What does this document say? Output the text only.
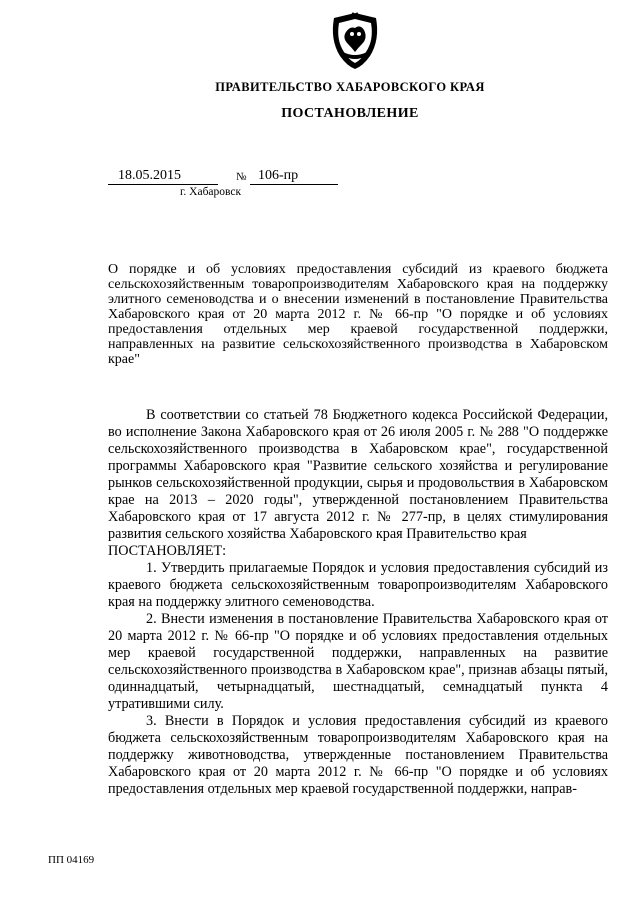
ПРАВИТЕЛЬСТВО ХАБАРОВСКОГО КРАЯ
ПОСТАНОВЛЕНИЕ
18.05.2015	№ 106-пр
г. Хабаровск
О порядке и об условиях предоставления субсидий из краевого бюджета сельскохозяйственным товаропроизводителям Хабаровского края на поддержку элитного семеноводства и о внесении изменений в постановление Правительства Хабаровского края от 20 марта 2012 г. № 66-пр "О порядке и об условиях предоставления отдельных мер краевой государственной поддержки, направленных на развитие сельскохозяйственного производства в Хабаровском крае"

В соответствии со статьей 78 Бюджетного кодекса Российской Федерации, во исполнение Закона Хабаровского края от 26 июля 2005 г. № 288 "О поддержке сельскохозяйственного производства в Хабаровском крае", государственной программы Хабаровского края "Развитие сельского хозяйства и регулирование рынков сельскохозяйственной продукции, сырья и продовольствия в Хабаровском крае на 2013 – 2020 годы", утвержденной постановлением Правительства Хабаровского края от 17 августа 2012 г. № 277-пр, в целях стимулирования развития сельского хозяйства Хабаровского края Правительство края

ПОСТАНОВЛЯЕТ:

1. Утвердить прилагаемые Порядок и условия предоставления субсидий из краевого бюджета сельскохозяйственным товаропроизводителям Хабаровского края на поддержку элитного семеноводства.

2. Внести изменения в постановление Правительства Хабаровского края от 20 марта 2012 г. № 66-пр "О порядке и об условиях предоставления отдельных мер краевой государственной поддержки, направленных на развитие сельскохозяйственного производства в Хабаровском крае", признав абзацы пятый, одиннадцатый, четырнадцатый, шестнадцатый, семнадцатый пункта 4 утратившими силу.

3. Внести в Порядок и условия предоставления субсидий из краевого бюджета сельскохозяйственным товаропроизводителям Хабаровского края на поддержку животноводства, утвержденные постановлением Правительства Хабаровского края от 20 марта 2012 г. № 66-пр "О порядке и об условиях предоставления отдельных мер краевой государственной поддержки, направ-

ПП 04169
